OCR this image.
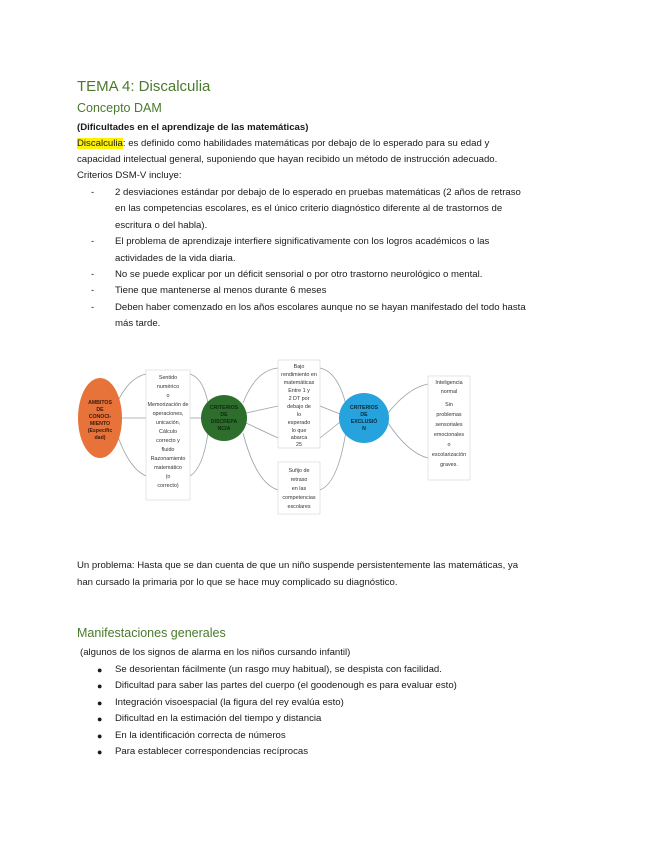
TEMA 4: Discalculia
Concepto DAM
(Dificultades en el aprendizaje de las matemáticas)
Discalculia: es definido como habilidades matemáticas por debajo de lo esperado para su edad y
capacidad intelectual general, suponiendo que hayan recibido un método de instrucción adecuado.
Criterios DSM-V incluye:
- 2 desviaciones estándar por debajo de lo esperado en pruebas matemáticas (2 años de retraso
en las competencias escolares, es el único criterio diagnóstico diferente al de trastornos de
escritura o del habla).
- El problema de aprendizaje interfiere significativamente con los logros académicos o las
actividades de la vida diaria.
- No se puede explicar por un déficit sensorial o por otro trastorno neurológico o mental.
- Tiene que mantenerse al menos durante 6 meses
- Deben haber comenzado en los años escolares aunque no se hayan manifestado del todo hasta
más tarde.
AMBITOS
DE
CONOCI-
MIENTO
(Específic
dad)
CRITERIOS
DE
DISCREPA
NCIA
CRITERIOS
DE
EXCLUSIÓ
N
Sentido
numérico
o
Memorización de
operaciones,
unicación,
Cálculo
correcto y
fluido
Razonamiento
matemático
(o
correcto)
Bajo
rendimiento en
matemáticas
Entre 1 y
2 DT por
debajo de
lo
esperado
lo que
abarca
25
Sufijo de
retraso
en las
competencias
escolares
Inteligencia
normal
Sin
problemas
sensoriales
emocionales
o
escolarización
graves.
Un problema: Hasta que se dan cuenta de que un niño suspende persistentemente las matemáticas, ya
han cursado la primaria por lo que se hace muy complicado su diagnóstico.
Manifestaciones generales
(algunos de los signos de alarma en los niños cursando infantil)
● Se desorientan fácilmente (un rasgo muy habitual), se despista con facilidad.
● Dificultad para saber las partes del cuerpo (el goodenough es para evaluar esto)
● Integración visoespacial (la figura del rey evalúa esto)
● Dificultad en la estimación del tiempo y distancia
● En la identificación correcta de números
● Para establecer correspondencias recíprocas
